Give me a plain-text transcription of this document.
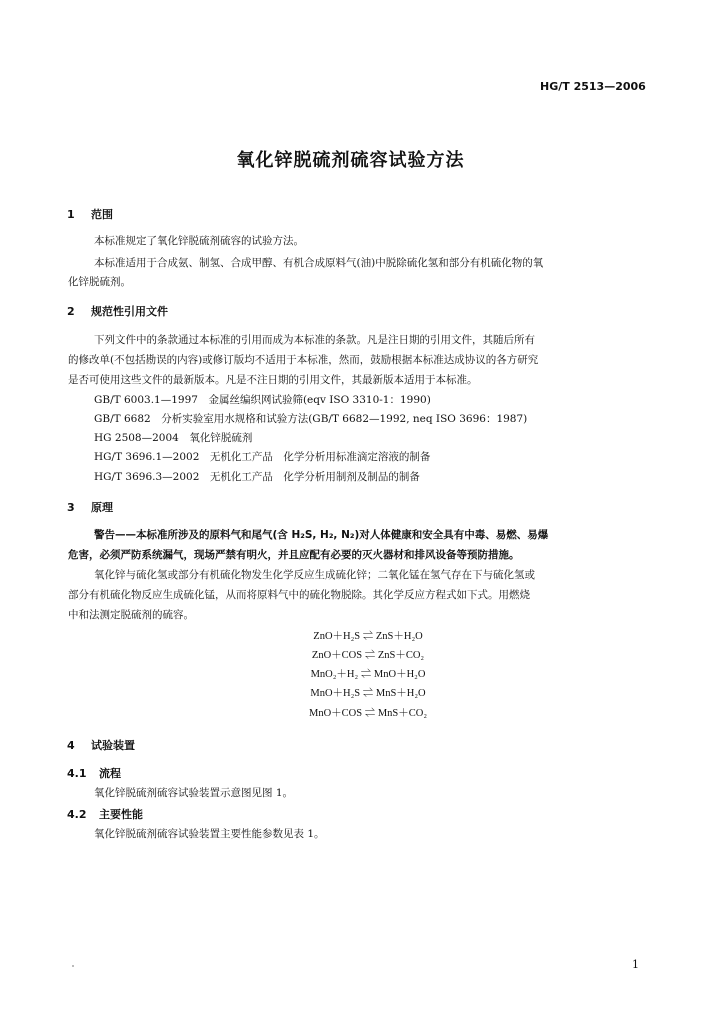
HG/T 2513—2006
氧化锌脱硫剂硫容试验方法
1 范围
本标准规定了氧化锌脱硫剂硫容的试验方法。
本标准适用于合成氨、制氢、合成甲醇、有机合成原料气(油)中脱除硫化氢和部分有机硫化物的氧
化锌脱硫剂。
2 规范性引用文件
下列文件中的条款通过本标准的引用而成为本标准的条款。凡是注日期的引用文件，其随后所有
的修改单(不包括勘误的内容)或修订版均不适用于本标准，然而，鼓励根据本标准达成协议的各方研究
是否可使用这些文件的最新版本。凡是不注日期的引用文件，其最新版本适用于本标准。
GB/T 6003.1—1997　金属丝编织网试验筛(eqv ISO 3310-1：1990)
GB/T 6682　分析实验室用水规格和试验方法(GB/T 6682—1992, neq ISO 3696：1987)
HG 2508—2004　氧化锌脱硫剂
HG/T 3696.1—2002　无机化工产品　化学分析用标准滴定溶液的制备
HG/T 3696.3—2002　无机化工产品　化学分析用制剂及制品的制备
3 原理
警告——本标准所涉及的原料气和尾气(含 H₂S, H₂, N₂)对人体健康和安全具有中毒、易燃、易爆
危害，必须严防系统漏气，现场严禁有明火，并且应配有必要的灭火器材和排风设备等预防措施。
氧化锌与硫化氢或部分有机硫化物发生化学反应生成硫化锌；二氧化锰在氢气存在下与硫化氢或
部分有机硫化物反应生成硫化锰，从而将原料气中的硫化物脱除。其化学反应方程式如下式。用燃烧
中和法测定脱硫剂的硫容。
ZnO＋H₂S ⇌ ZnS＋H₂O
ZnO＋COS ⇌ ZnS＋CO₂
MnO₂＋H₂ ⇌ MnO＋H₂O
MnO＋H₂S ⇌ MnS＋H₂O
MnO＋COS ⇌ MnS＋CO₂
4 试验装置
4.1 流程
氧化锌脱硫剂硫容试验装置示意图见图 1。
4.2 主要性能
氧化锌脱硫剂硫容试验装置主要性能参数见表 1。
1
